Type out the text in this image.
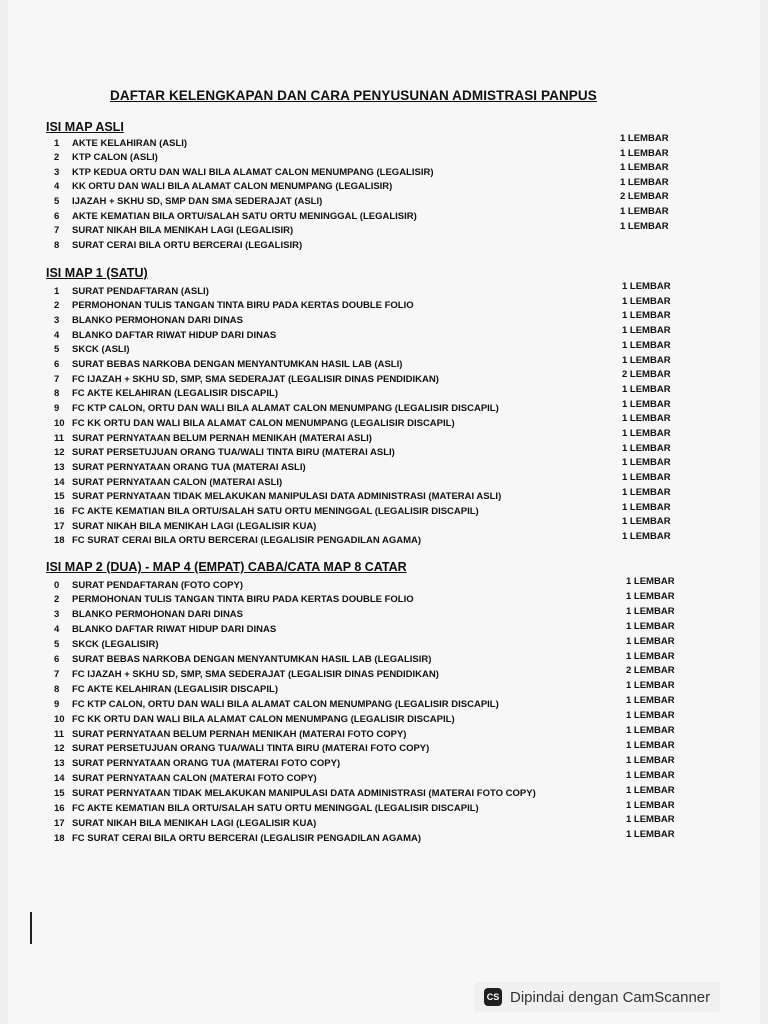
DAFTAR KELENGKAPAN DAN CARA PENYUSUNAN ADMISTRASI PANPUS
ISI MAP ASLI
1	AKTE KELAHIRAN (ASLI)	1 LEMBAR
2	KTP CALON (ASLI)	1 LEMBAR
3	KTP KEDUA ORTU DAN WALI BILA ALAMAT CALON MENUMPANG (LEGALISIR)	1 LEMBAR
4	KK ORTU DAN WALI BILA ALAMAT CALON MENUMPANG (LEGALISIR)	1 LEMBAR
5	IJAZAH + SKHU SD, SMP DAN SMA SEDERAJAT (ASLI)	2 LEMBAR
6	AKTE KEMATIAN BILA ORTU/SALAH SATU ORTU MENINGGAL (LEGALISIR)	1 LEMBAR
7	SURAT NIKAH BILA MENIKAH LAGI (LEGALISIR)	1 LEMBAR
8	SURAT CERAI BILA ORTU BERCERAI (LEGALISIR)
ISI MAP 1 (SATU)
1	SURAT PENDAFTARAN (ASLI)	1 LEMBAR
2	PERMOHONAN TULIS TANGAN TINTA BIRU PADA KERTAS DOUBLE FOLIO	1 LEMBAR
3	BLANKO PERMOHONAN DARI DINAS	1 LEMBAR
4	BLANKO DAFTAR RIWAT HIDUP DARI DINAS	1 LEMBAR
5	SKCK (ASLI)	1 LEMBAR
6	SURAT BEBAS NARKOBA DENGAN MENYANTUMKAN HASIL LAB (ASLI)	1 LEMBAR
7	FC IJAZAH + SKHU SD, SMP, SMA SEDERAJAT (LEGALISIR DINAS PENDIDIKAN)	2 LEMBAR
8	FC AKTE KELAHIRAN (LEGALISIR DISCAPIL)	1 LEMBAR
9	FC KTP CALON, ORTU DAN WALI BILA ALAMAT CALON MENUMPANG (LEGALISIR DISCAPIL)	1 LEMBAR
10 FC KK ORTU DAN WALI BILA ALAMAT CALON MENUMPANG (LEGALISIR DISCAPIL)	1 LEMBAR
11 SURAT PERNYATAAN BELUM PERNAH MENIKAH (MATERAI ASLI)	1 LEMBAR
12 SURAT PERSETUJUAN ORANG TUA/WALI TINTA BIRU (MATERAI ASLI)	1 LEMBAR
13 SURAT PERNYATAAN ORANG TUA (MATERAI ASLI)	1 LEMBAR
14 SURAT PERNYATAAN CALON (MATERAI ASLI)	1 LEMBAR
15 SURAT PERNYATAAN TIDAK MELAKUKAN MANIPULASI DATA ADMINISTRASI (MATERAI ASLI)	1 LEMBAR
16 FC AKTE KEMATIAN BILA ORTU/SALAH SATU ORTU MENINGGAL (LEGALISIR DISCAPIL)	1 LEMBAR
17 SURAT NIKAH BILA MENIKAH LAGI (LEGALISIR KUA)	1 LEMBAR
18 FC SURAT CERAI BILA ORTU BERCERAI (LEGALISIR PENGADILAN AGAMA)	1 LEMBAR
ISI MAP 2 (DUA) - MAP 4 (EMPAT) CABA/CATA MAP 8 CATAR
0	SURAT PENDAFTARAN (FOTO COPY)	1 LEMBAR
2	PERMOHONAN TULIS TANGAN TINTA BIRU PADA KERTAS DOUBLE FOLIO	1 LEMBAR
3	BLANKO PERMOHONAN DARI DINAS	1 LEMBAR
4	BLANKO DAFTAR RIWAT HIDUP DARI DINAS	1 LEMBAR
5	SKCK (LEGALISIR)	1 LEMBAR
6	SURAT BEBAS NARKOBA DENGAN MENYANTUMKAN HASIL LAB (LEGALISIR)	1 LEMBAR
7	FC IJAZAH + SKHU SD, SMP, SMA SEDERAJAT (LEGALISIR DINAS PENDIDIKAN)	2 LEMBAR
8	FC AKTE KELAHIRAN (LEGALISIR DISCAPIL)	1 LEMBAR
9	FC KTP CALON, ORTU DAN WALI BILA ALAMAT CALON MENUMPANG (LEGALISIR DISCAPIL)	1 LEMBAR
10 FC KK ORTU DAN WALI BILA ALAMAT CALON MENUMPANG (LEGALISIR DISCAPIL)	1 LEMBAR
11 SURAT PERNYATAAN BELUM PERNAH MENIKAH (MATERAI FOTO COPY)	1 LEMBAR
12 SURAT PERSETUJUAN ORANG TUA/WALI TINTA BIRU (MATERAI FOTO COPY)	1 LEMBAR
13 SURAT PERNYATAAN ORANG TUA (MATERAI FOTO COPY)	1 LEMBAR
14 SURAT PERNYATAAN CALON (MATERAI FOTO COPY)	1 LEMBAR
15 SURAT PERNYATAAN TIDAK MELAKUKAN MANIPULASI DATA ADMINISTRASI (MATERAI FOTO COPY)	1 LEMBAR
16 FC AKTE KEMATIAN BILA ORTU/SALAH SATU ORTU MENINGGAL (LEGALISIR DISCAPIL)	1 LEMBAR
17 SURAT NIKAH BILA MENIKAH LAGI (LEGALISIR KUA)	1 LEMBAR
18 FC SURAT CERAI BILA ORTU BERCERAI (LEGALISIR PENGADILAN AGAMA)	1 LEMBAR
CS Dipindai dengan CamScanner
